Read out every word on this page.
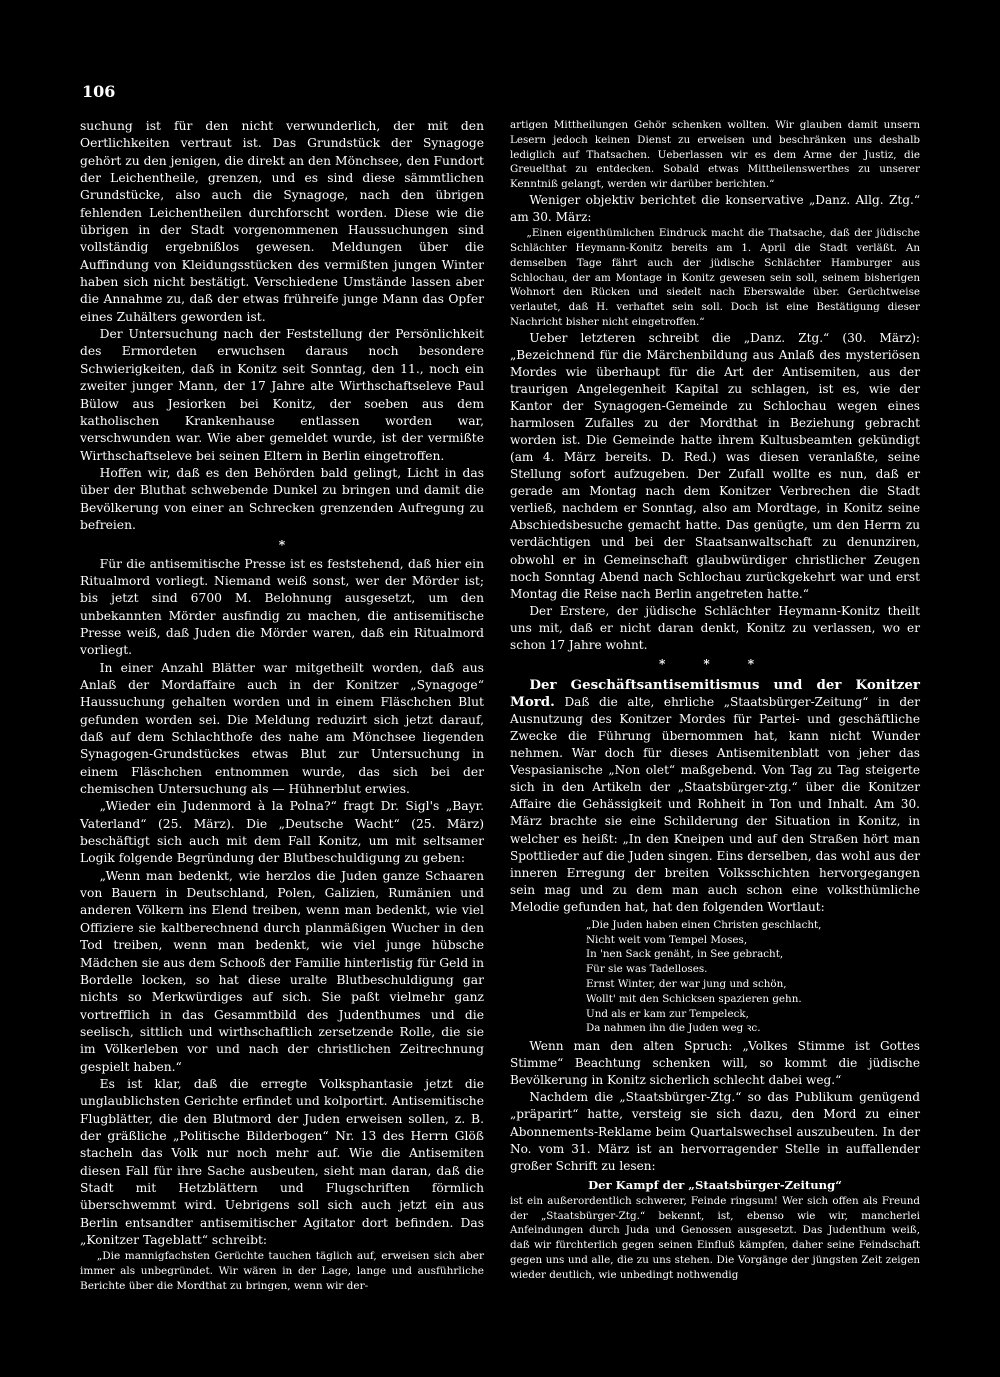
106

suchung ist für den nicht verwunderlich, der mit den Oertlichkeiten vertraut ist. Das Grundstück der Synagoge gehört zu den jenigen, die direkt an den Mönchsee, den Fundort der Leichentheile, grenzen, und es sind diese sämmtlichen Grundstücke, also auch die Synagoge, nach den übrigen fehlenden Leichentheilen durchforscht worden. Diese wie die übrigen in der Stadt vorgenommenen Haussuchungen sind vollständig ergebnißlos gewesen. Meldungen über die Auffindung von Kleidungsstücken des vermißten jungen Winter haben sich nicht bestätigt. Verschiedene Umstände lassen aber die Annahme zu, daß der etwas frühreife junge Mann das Opfer eines Zuhälters geworden ist.

Der Untersuchung nach der Feststellung der Persönlichkeit des Ermordeten erwuchsen daraus noch besondere Schwierigkeiten, daß in Konitz seit Sonntag, den 11., noch ein zweiter junger Mann, der 17 Jahre alte Wirthschaftseleve Paul Bülow aus Jesiorken bei Konitz, der soeben aus dem katholischen Krankenhause entlassen worden war, verschwunden war. Wie aber gemeldet wurde, ist der vermißte Wirthschaftseleve bei seinen Eltern in Berlin eingetroffen.

Hoffen wir, daß es den Behörden bald gelingt, Licht in das über der Bluthat schwebende Dunkel zu bringen und damit die Bevölkerung von einer an Schrecken grenzenden Aufregung zu befreien.

*

Für die antisemitische Presse ist es feststehend, daß hier ein Ritualmord vorliegt. Niemand weiß sonst, wer der Mörder ist; bis jetzt sind 6700 M. Belohnung ausgesetzt, um den unbekannten Mörder ausfindig zu machen, die antisemitische Presse weiß, daß Juden die Mörder waren, daß ein Ritualmord vorliegt.

In einer Anzahl Blätter war mitgetheilt worden, daß aus Anlaß der Mordaffaire auch in der Konitzer „Synagoge“ Haussuchung gehalten worden und in einem Fläschchen Blut gefunden worden sei. Die Meldung reduzirt sich jetzt darauf, daß auf dem Schlachthofe des nahe am Mönchsee liegenden Synagogen-Grundstückes etwas Blut zur Untersuchung in einem Fläschchen entnommen wurde, das sich bei der chemischen Untersuchung als — Hühnerblut erwies.

„Wieder ein Judenmord à la Polna?“ fragt Dr. Sigl's „Bayr. Vaterland“ (25. März). Die „Deutsche Wacht“ (25. März) beschäftigt sich auch mit dem Fall Konitz, um mit seltsamer Logik folgende Begründung der Blutbeschuldigung zu geben:

„Wenn man bedenkt, wie herzlos die Juden ganze Schaaren von Bauern in Deutschland, Polen, Galizien, Rumänien und anderen Völkern ins Elend treiben, wenn man bedenkt, wie viel Offiziere sie kaltberechnend durch planmäßigen Wucher in den Tod treiben, wenn man bedenkt, wie viel junge hübsche Mädchen sie aus dem Schooß der Familie hinterlistig für Geld in Bordelle locken, so hat diese uralte Blutbeschuldigung gar nichts so Merkwürdiges auf sich. Sie paßt vielmehr ganz vortrefflich in das Gesammtbild des Judenthumes und die seelisch, sittlich und wirthschaftlich zersetzende Rolle, die sie im Völkerleben vor und nach der christlichen Zeitrechnung gespielt haben.“

Es ist klar, daß die erregte Volksphantasie jetzt die unglaublichsten Gerichte erfindet und kolportirt. Antisemitische Flugblätter, die den Blutmord der Juden erweisen sollen, z. B. der gräßliche „Politische Bilderbogen“ Nr. 13 des Herrn Glöß stacheln das Volk nur noch mehr auf. Wie die Antisemiten diesen Fall für ihre Sache ausbeuten, sieht man daran, daß die Stadt mit Hetzblättern und Flugschriften förmlich überschwemmt wird. Uebrigens soll sich auch jetzt ein aus Berlin entsandter antisemitischer Agitator dort befinden. Das „Konitzer Tageblatt“ schreibt:

„Die mannigfachsten Gerüchte tauchen täglich auf, erweisen sich aber immer als unbegründet. Wir wären in der Lage, lange und ausführliche Berichte über die Mordthat zu bringen, wenn wir der-

artigen Mittheilungen Gehör schenken wollten. Wir glauben damit unsern Lesern jedoch keinen Dienst zu erweisen und beschränken uns deshalb lediglich auf Thatsachen. Ueberlassen wir es dem Arme der Justiz, die Greuelthat zu entdecken. Sobald etwas Mittheilenswerthes zu unserer Kenntniß gelangt, werden wir darüber berichten.“

Weniger objektiv berichtet die konservative „Danz. Allg. Ztg.“ am 30. März:

„Einen eigenthümlichen Eindruck macht die Thatsache, daß der jüdische Schlächter Heymann-Konitz bereits am 1. April die Stadt verläßt. An demselben Tage fährt auch der jüdische Schlächter Hamburger aus Schlochau, der am Montage in Konitz gewesen sein soll, seinem bisherigen Wohnort den Rücken und siedelt nach Eberswalde über. Gerüchtweise verlautet, daß H. verhaftet sein soll. Doch ist eine Bestätigung dieser Nachricht bisher nicht eingetroffen.“

Ueber letzteren schreibt die „Danz. Ztg.“ (30. März): „Bezeichnend für die Märchenbildung aus Anlaß des mysteriösen Mordes wie überhaupt für die Art der Antisemiten, aus der traurigen Angelegenheit Kapital zu schlagen, ist es, wie der Kantor der Synagogen-Gemeinde zu Schlochau wegen eines harmlosen Zufalles zu der Mordthat in Beziehung gebracht worden ist. Die Gemeinde hatte ihrem Kultusbeamten gekündigt (am 4. März bereits. D. Red.) was diesen veranlaßte, seine Stellung sofort aufzugeben. Der Zufall wollte es nun, daß er gerade am Montag nach dem Konitzer Verbrechen die Stadt verließ, nachdem er Sonntag, also am Mordtage, in Konitz seine Abschiedsbesuche gemacht hatte. Das genügte, um den Herrn zu verdächtigen und bei der Staatsanwaltschaft zu denunziren, obwohl er in Gemeinschaft glaubwürdiger christlicher Zeugen noch Sonntag Abend nach Schlochau zurückgekehrt war und erst Montag die Reise nach Berlin angetreten hatte.“

Der Erstere, der jüdische Schlächter Heymann-Konitz theilt uns mit, daß er nicht daran denkt, Konitz zu verlassen, wo er schon 17 Jahre wohnt.

* * *

Der Geschäftsantisemitismus und der Konitzer Mord. Daß die alte, ehrliche „Staatsbürger-Zeitung“ in der Ausnutzung des Konitzer Mordes für Partei- und geschäftliche Zwecke die Führung übernommen hat, kann nicht Wunder nehmen. War doch für dieses Antisemitenblatt von jeher das Vespasianische „Non olet“ maßgebend. Von Tag zu Tag steigerte sich in den Artikeln der „Staatsbürger-ztg.“ über die Konitzer Affaire die Gehässigkeit und Rohheit in Ton und Inhalt. Am 30. März brachte sie eine Schilderung der Situation in Konitz, in welcher es heißt: „In den Kneipen und auf den Straßen hört man Spottlieder auf die Juden singen. Eins derselben, das wohl aus der inneren Erregung der breiten Volksschichten hervorgegangen sein mag und zu dem man auch schon eine volksthümliche Melodie gefunden hat, hat den folgenden Wortlaut:

„Die Juden haben einen Christen geschlacht,
Nicht weit vom Tempel Moses,
In 'nen Sack genäht, in See gebracht,
Für sie was Tadelloses.
Ernst Winter, der war jung und schön,
Wollt' mit den Schicksen spazieren gehn.
Und als er kam zur Tempeleck,
Da nahmen ihn die Juden weg ꝛc.

Wenn man den alten Spruch: „Volkes Stimme ist Gottes Stimme“ Beachtung schenken will, so kommt die jüdische Bevölkerung in Konitz sicherlich schlecht dabei weg.“

Nachdem die „Staatsbürger-Ztg.“ so das Publikum genügend „präparirt“ hatte, versteig sie sich dazu, den Mord zu einer Abonnements-Reklame beim Quartalswechsel auszubeuten. In der No. vom 31. März ist an hervorragender Stelle in auffallender großer Schrift zu lesen:

Der Kampf der „Staatsbürger-Zeitung“

ist ein außerordentlich schwerer, Feinde ringsum! Wer sich offen als Freund der „Staatsbürger-Ztg.“ bekennt, ist, ebenso wie wir, mancherlei Anfeindungen durch Juda und Genossen ausgesetzt. Das Judenthum weiß, daß wir fürchterlich gegen seinen Einfluß kämpfen, daher seine Feindschaft gegen uns und alle, die zu uns stehen. Die Vorgänge der jüngsten Zeit zeigen wieder deutlich, wie unbedingt nothwendig
